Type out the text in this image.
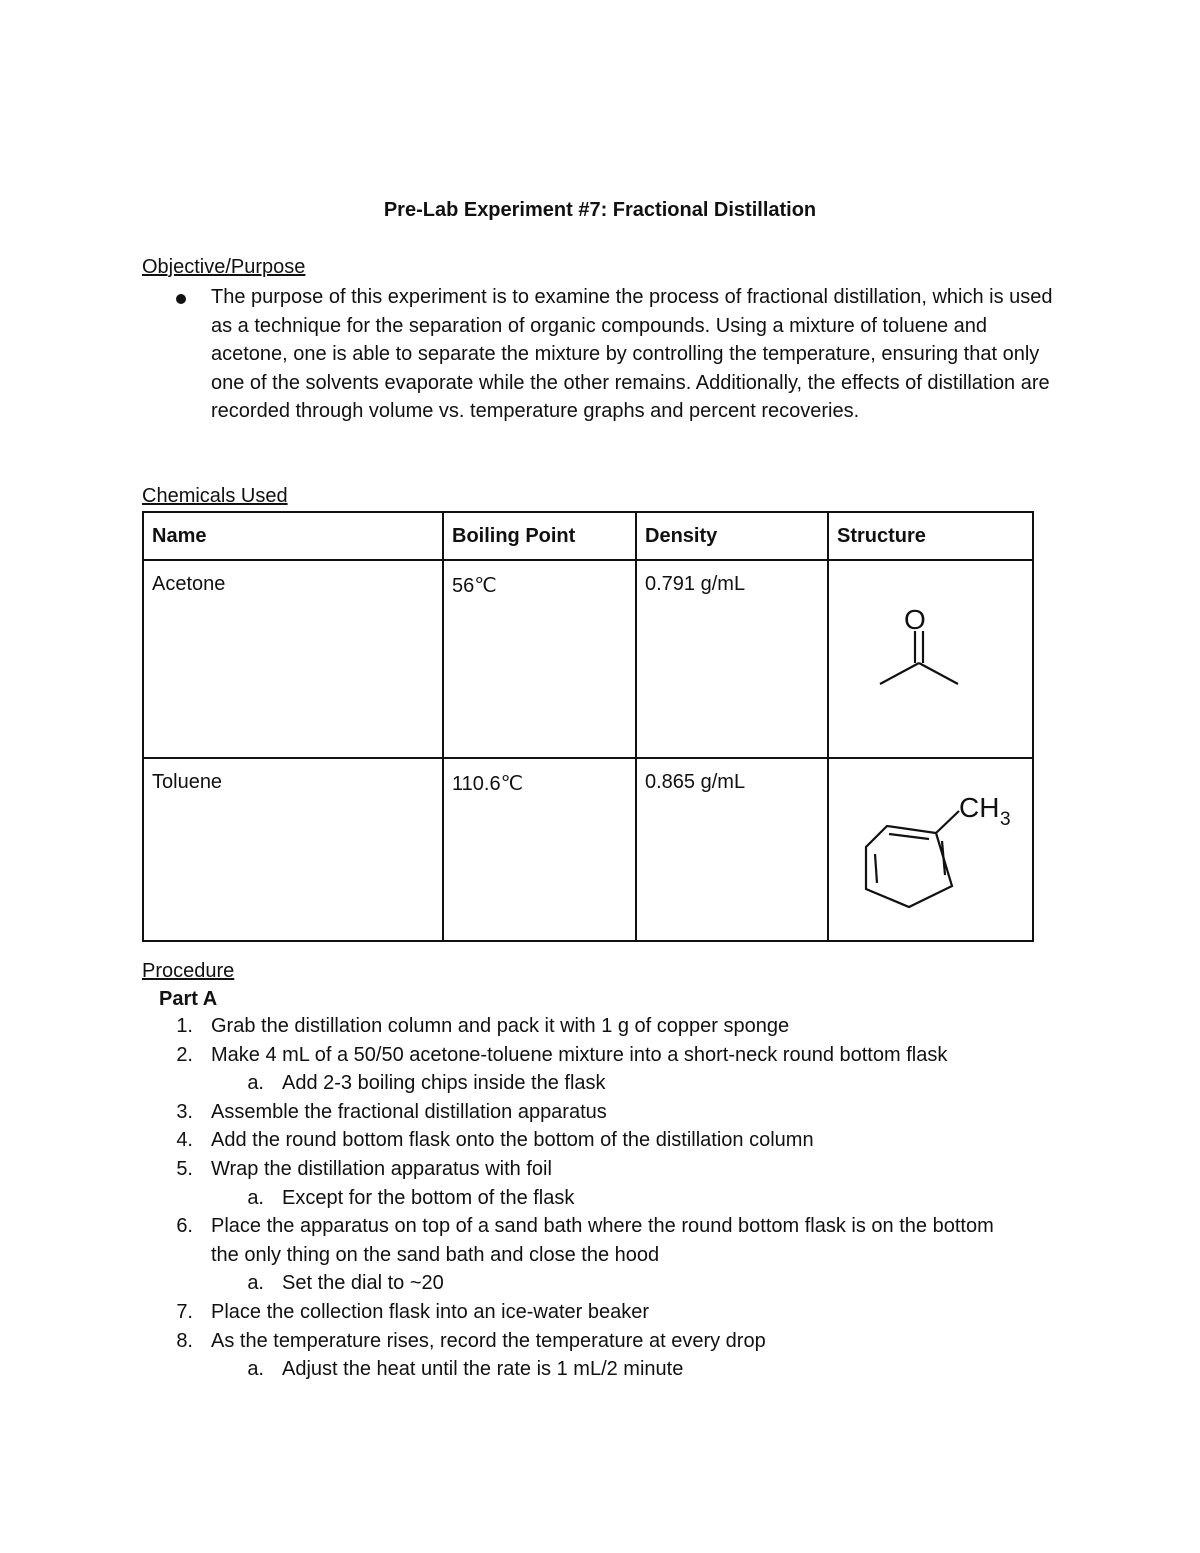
Pre-Lab Experiment #7: Fractional Distillation
Objective/Purpose
The purpose of this experiment is to examine the process of fractional distillation, which is used as a technique for the separation of organic compounds. Using a mixture of toluene and acetone, one is able to separate the mixture by controlling the temperature, ensuring that only one of the solvents evaporate while the other remains. Additionally, the effects of distillation are recorded through volume vs. temperature graphs and percent recoveries.
Chemicals Used
Name	Boiling Point	Density	Structure
Acetone	56℃	0.791 g/mL	O

Toluene	110.6℃	0.865 g/mL	CH 3
Procedure
Part A
1. Grab the distillation column and pack it with 1 g of copper sponge
2. Make 4 mL of a 50/50 acetone-toluene mixture into a short-neck round bottom flask
a. Add 2-3 boiling chips inside the flask
3. Assemble the fractional distillation apparatus
4. Add the round bottom flask onto the bottom of the distillation column
5. Wrap the distillation apparatus with foil
a. Except for the bottom of the flask
6. Place the apparatus on top of a sand bath where the round bottom flask is on the bottom
the only thing on the sand bath and close the hood
a. Set the dial to ~20
7. Place the collection flask into an ice-water beaker
8. As the temperature rises, record the temperature at every drop
a. Adjust the heat until the rate is 1 mL/2 minute
